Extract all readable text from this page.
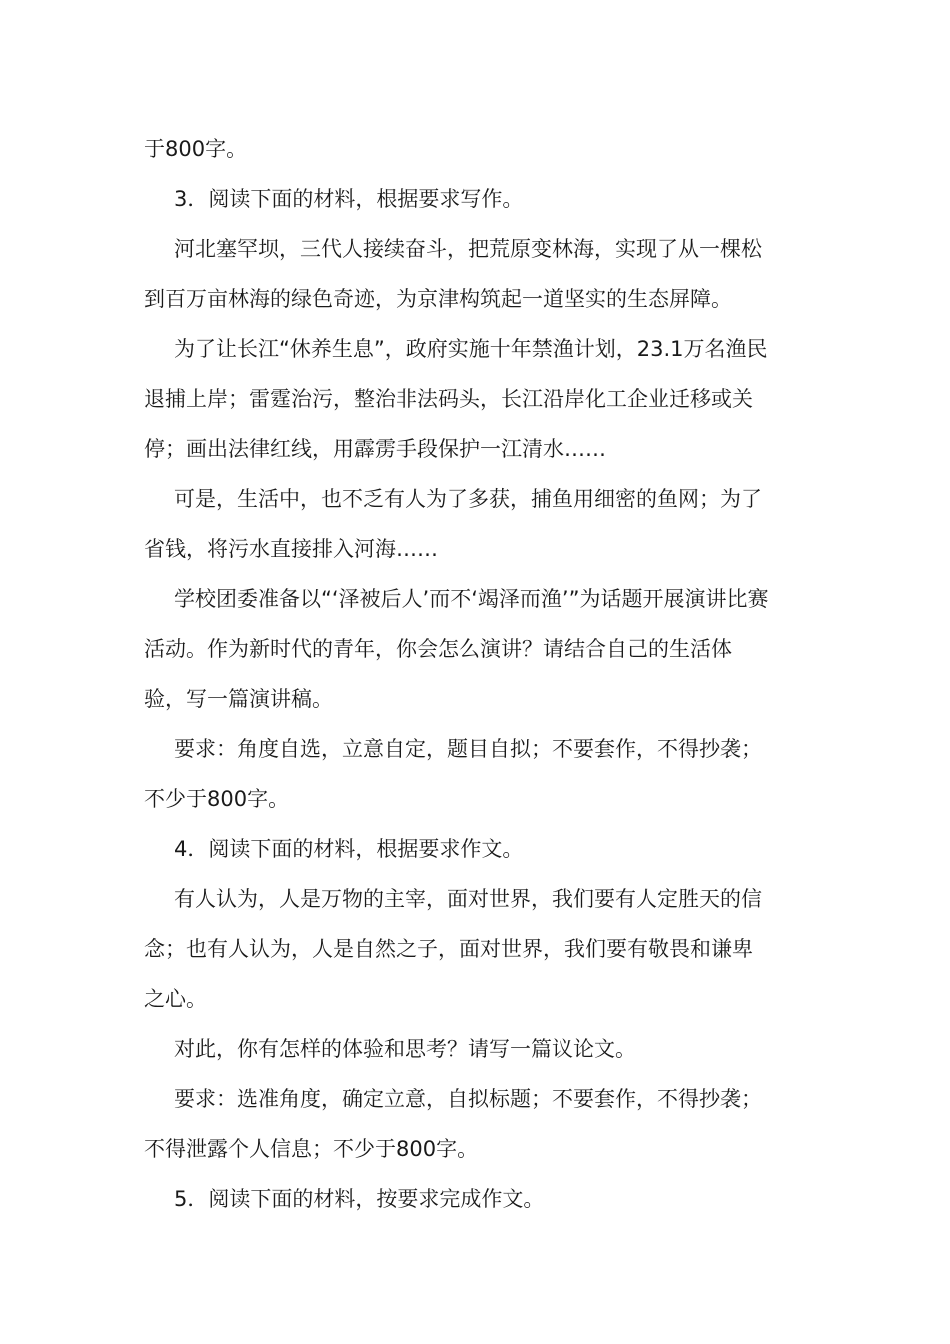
于800字。
3．阅读下面的材料，根据要求写作。
河北塞罕坝，三代人接续奋斗，把荒原变林海，实现了从一棵松
到百万亩林海的绿色奇迹，为京津构筑起一道坚实的生态屏障。
为了让长江“休养生息”，政府实施十年禁渔计划，23.1万名渔民
退捕上岸；雷霆治污，整治非法码头，长江沿岸化工企业迁移或关
停；画出法律红线，用霹雳手段保护一江清水……
可是，生活中，也不乏有人为了多获，捕鱼用细密的鱼网；为了
省钱，将污水直接排入河海……
学校团委准备以“‘泽被后人’而不‘竭泽而渔’”为话题开展演讲比赛
活动。作为新时代的青年，你会怎么演讲？请结合自己的生活体
验，写一篇演讲稿。
要求：角度自选，立意自定，题目自拟；不要套作，不得抄袭；
不少于800字。
4．阅读下面的材料，根据要求作文。
有人认为，人是万物的主宰，面对世界，我们要有人定胜天的信
念；也有人认为，人是自然之子，面对世界，我们要有敬畏和谦卑
之心。
对此，你有怎样的体验和思考？请写一篇议论文。
要求：选准角度，确定立意，自拟标题；不要套作，不得抄袭；
不得泄露个人信息；不少于800字。
5．阅读下面的材料，按要求完成作文。
